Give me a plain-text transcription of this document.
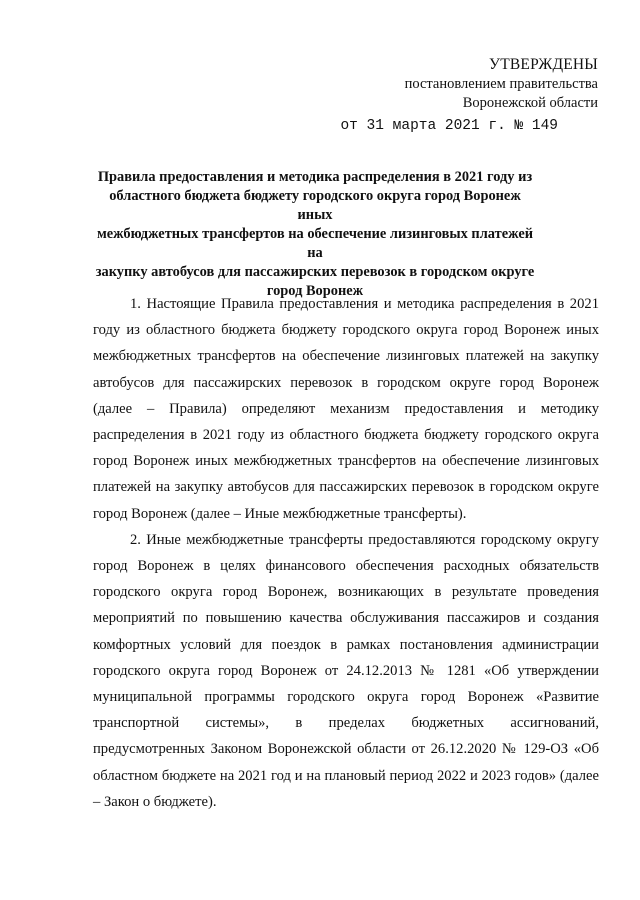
УТВЕРЖДЕНЫ
постановлением правительства
Воронежской области
от 31 марта 2021 г. № 149
Правила предоставления и методика распределения в 2021 году из
областного бюджета бюджету городского округа город Воронеж иных
межбюджетных трансфертов на обеспечение лизинговых платежей на
закупку автобусов для пассажирских перевозок в городском округе
город Воронеж

1. Настоящие Правила предоставления и методика распределения в 2021 году из областного бюджета бюджету городского округа город Воронеж иных межбюджетных трансфертов на обеспечение лизинговых платежей на закупку автобусов для пассажирских перевозок в городском округе город Воронеж (далее – Правила) определяют механизм предоставления и методику распределения в 2021 году из областного бюджета бюджету городского округа город Воронеж иных межбюджетных трансфертов на обеспечение лизинговых платежей на закупку автобусов для пассажирских перевозок в городском округе город Воронеж (далее – Иные межбюджетные трансферты).

2. Иные межбюджетные трансферты предоставляются городскому округу город Воронеж в целях финансового обеспечения расходных обязательств городского округа город Воронеж, возникающих в результате проведения мероприятий по повышению качества обслуживания пассажиров и создания комфортных условий для поездок в рамках постановления администрации городского округа город Воронеж от 24.12.2013 № 1281 «Об утверждении муниципальной программы городского округа город Воронеж «Развитие транспортной системы», в пределах бюджетных ассигнований, предусмотренных Законом Воронежской области от 26.12.2020 № 129-ОЗ «Об областном бюджете на 2021 год и на плановый период 2022 и 2023 годов» (далее – Закон о бюджете).
